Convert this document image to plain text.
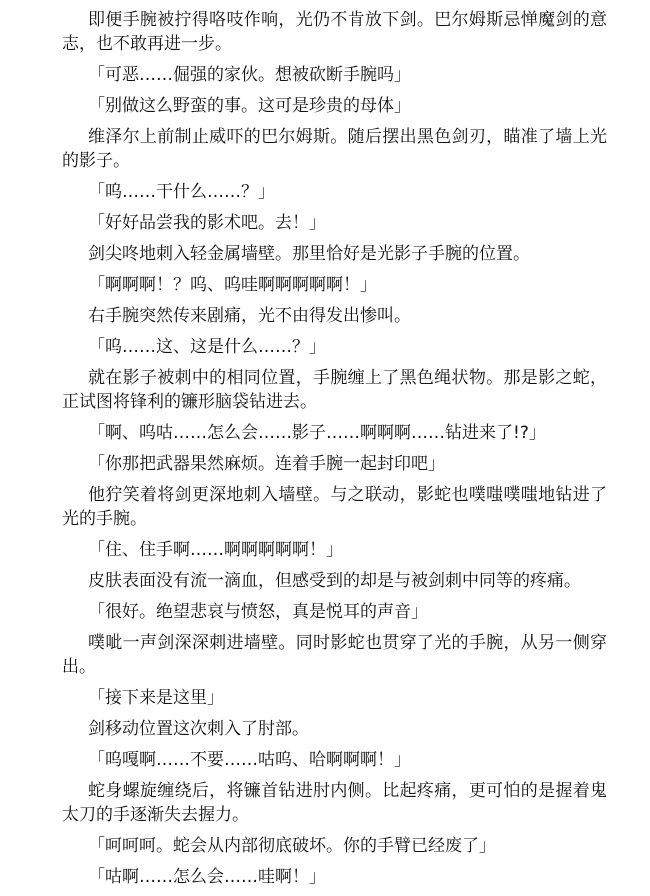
即便手腕被拧得咯吱作响，光仍不肯放下剑。巴尔姆斯忌惮魔剑的意志，也不敢再进一步。

「可恶……倔强的家伙。想被砍断手腕吗」

「别做这么野蛮的事。这可是珍贵的母体」

维泽尔上前制止威吓的巴尔姆斯。随后摆出黑色剑刃，瞄准了墙上光的影子。

「呜……干什么……？」

「好好品尝我的影术吧。去！」

剑尖咚地刺入轻金属墙壁。那里恰好是光影子手腕的位置。

「啊啊啊！？呜、呜哇啊啊啊啊啊！」

右手腕突然传来剧痛，光不由得发出惨叫。

「呜……这、这是什么……？」

就在影子被刺中的相同位置，手腕缠上了黑色绳状物。那是影之蛇，正试图将锋利的镰形脑袋钻进去。

「啊、呜咕……怎么会……影子……啊啊啊……钻进来了!?」

「你那把武器果然麻烦。连着手腕一起封印吧」

他狞笑着将剑更深地刺入墙壁。与之联动，影蛇也噗嗤噗嗤地钻进了光的手腕。

「住、住手啊……啊啊啊啊啊！」

皮肤表面没有流一滴血，但感受到的却是与被剑刺中同等的疼痛。

「很好。绝望悲哀与愤怒，真是悦耳的声音」

噗呲一声剑深深刺进墙壁。同时影蛇也贯穿了光的手腕，从另一侧穿出。

「接下来是这里」

剑移动位置这次刺入了肘部。

「呜嘎啊……不要……咕呜、哈啊啊啊！」

蛇身螺旋缠绕后，将镰首钻进肘内侧。比起疼痛，更可怕的是握着鬼太刀的手逐渐失去握力。

「呵呵呵。蛇会从内部彻底破坏。你的手臂已经废了」

「咕啊……怎么会……哇啊！」
